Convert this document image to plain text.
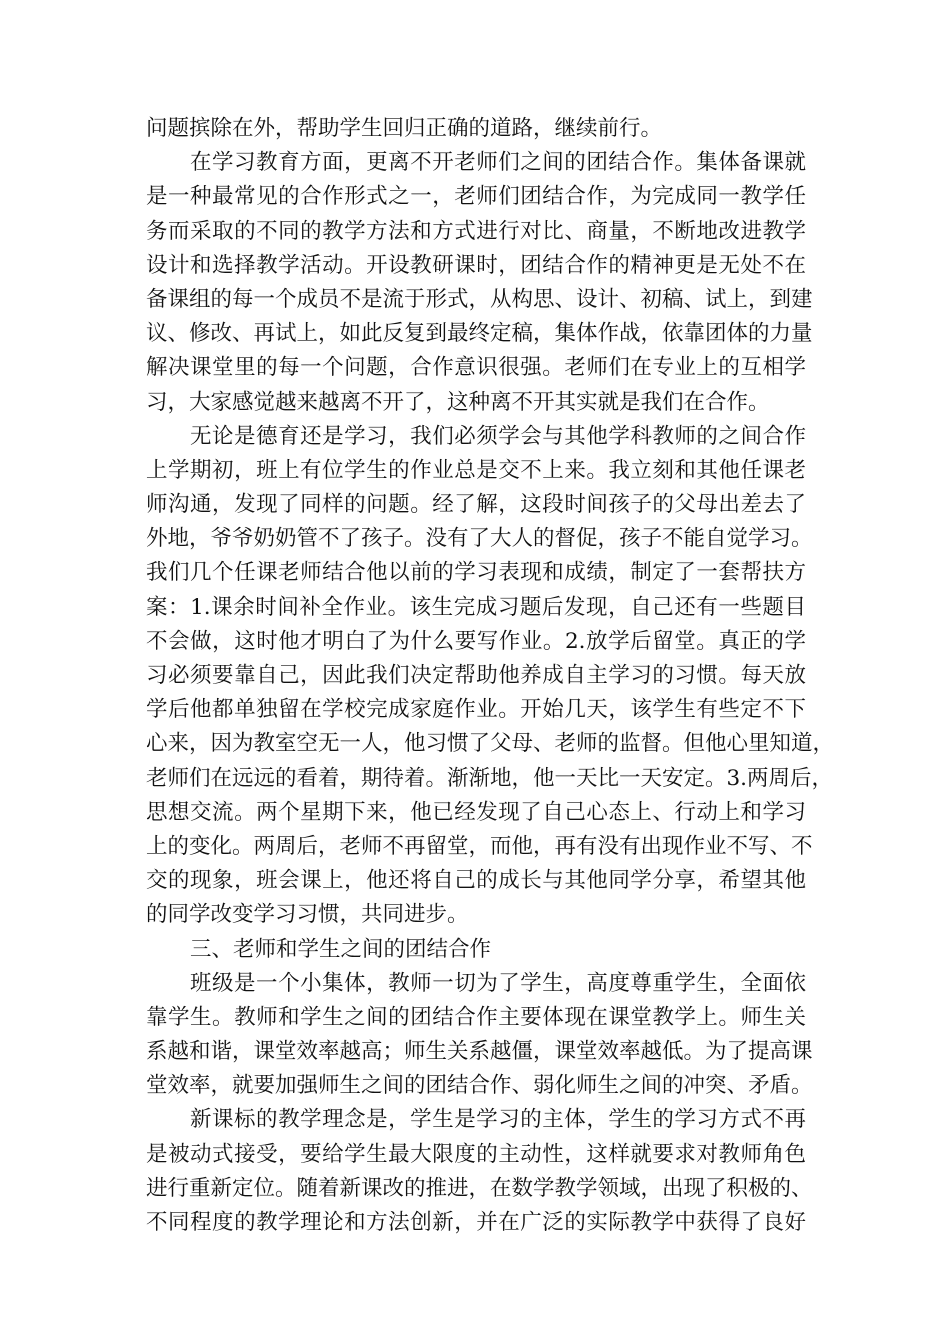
问题摈除在外，帮助学生回归正确的道路，继续前行。
在学习教育方面，更离不开老师们之间的团结合作。集体备课就
是一种最常见的合作形式之一，老师们团结合作，为完成同一教学任
务而采取的不同的教学方法和方式进行对比、商量，不断地改进教学
设计和选择教学活动。开设教研课时，团结合作的精神更是无处不在
备课组的每一个成员不是流于形式，从构思、设计、初稿、试上，到建
议、修改、再试上，如此反复到最终定稿，集体作战，依靠团体的力量
解决课堂里的每一个问题，合作意识很强。老师们在专业上的互相学
习，大家感觉越来越离不开了，这种离不开其实就是我们在合作。
无论是德育还是学习，我们必须学会与其他学科教师的之间合作
上学期初，班上有位学生的作业总是交不上来。我立刻和其他任课老
师沟通，发现了同样的问题。经了解，这段时间孩子的父母出差去了
外地，爷爷奶奶管不了孩子。没有了大人的督促，孩子不能自觉学习。
我们几个任课老师结合他以前的学习表现和成绩，制定了一套帮扶方
案：1.课余时间补全作业。该生完成习题后发现，自己还有一些题目
不会做，这时他才明白了为什么要写作业。2.放学后留堂。真正的学
习必须要靠自己，因此我们决定帮助他养成自主学习的习惯。每天放
学后他都单独留在学校完成家庭作业。开始几天，该学生有些定不下
心来，因为教室空无一人，他习惯了父母、老师的监督。但他心里知道，
老师们在远远的看着，期待着。渐渐地，他一天比一天安定。3.两周后，
思想交流。两个星期下来，他已经发现了自己心态上、行动上和学习
上的变化。两周后，老师不再留堂，而他，再有没有出现作业不写、不
交的现象，班会课上，他还将自己的成长与其他同学分享，希望其他
的同学改变学习习惯，共同进步。
三、老师和学生之间的团结合作
班级是一个小集体，教师一切为了学生，高度尊重学生，全面依
靠学生。教师和学生之间的团结合作主要体现在课堂教学上。师生关
系越和谐，课堂效率越高；师生关系越僵，课堂效率越低。为了提高课
堂效率，就要加强师生之间的团结合作、弱化师生之间的冲突、矛盾。
新课标的教学理念是，学生是学习的主体，学生的学习方式不再
是被动式接受，要给学生最大限度的主动性，这样就要求对教师角色
进行重新定位。随着新课改的推进，在数学教学领域，出现了积极的、
不同程度的教学理论和方法创新，并在广泛的实际教学中获得了良好
